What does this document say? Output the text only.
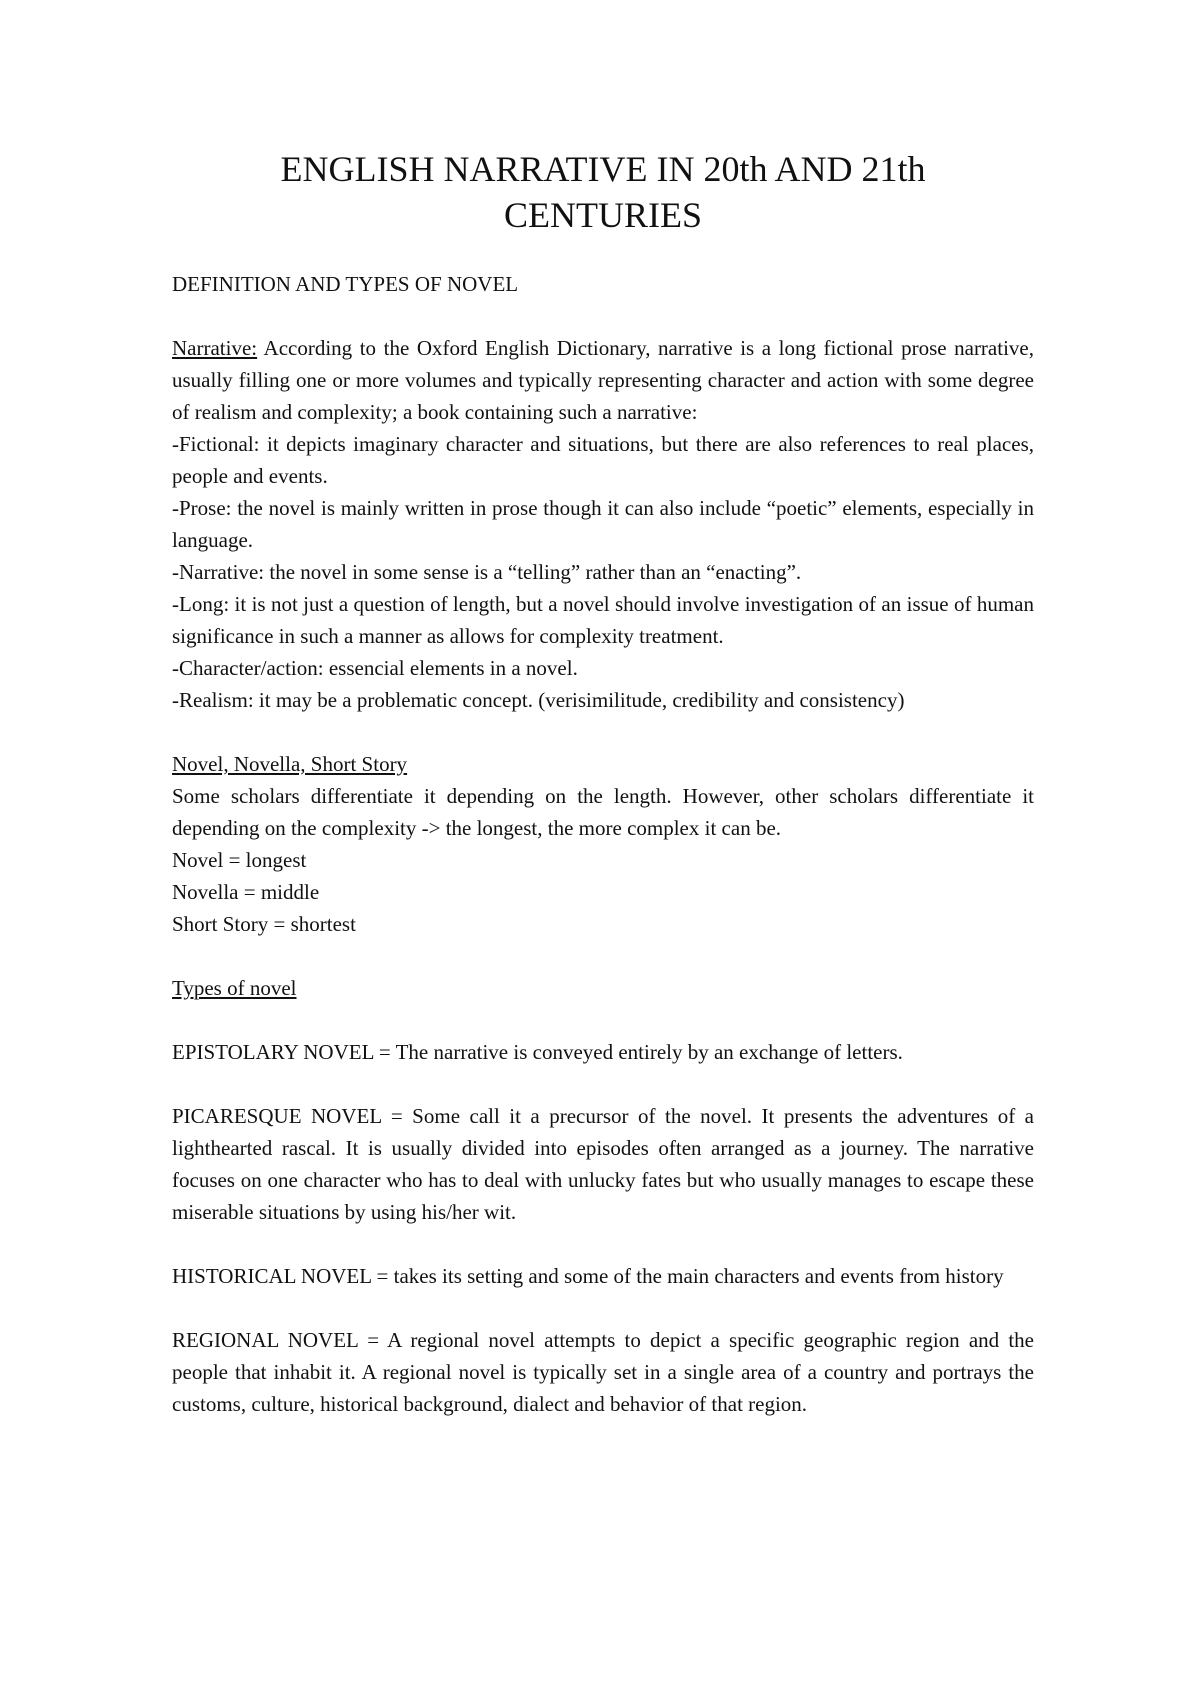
ENGLISH NARRATIVE IN 20th AND 21th
CENTURIES
DEFINITION AND TYPES OF NOVEL
Narrative: According to the Oxford English Dictionary, narrative is a long fictional prose narrative, usually filling one or more volumes and typically representing character and action with some degree of realism and complexity; a book containing such a narrative:
-Fictional: it depicts imaginary character and situations, but there are also references to real places, people and events.
-Prose: the novel is mainly written in prose though it can also include “poetic” elements, especially in language.
-Narrative: the novel in some sense is a “telling” rather than an “enacting”.
-Long: it is not just a question of length, but a novel should involve investigation of an issue of human significance in such a manner as allows for complexity treatment.
-Character/action: essencial elements in a novel.
-Realism: it may be a problematic concept. (verisimilitude, credibility and consistency)
Novel, Novella, Short Story
Some scholars differentiate it depending on the length. However, other scholars differentiate it depending on the complexity -> the longest, the more complex it can be.
Novel = longest
Novella = middle
Short Story = shortest
Types of novel
EPISTOLARY NOVEL = The narrative is conveyed entirely by an exchange of letters.
PICARESQUE NOVEL = Some call it a precursor of the novel. It presents the adventures of a lighthearted rascal. It is usually divided into episodes often arranged as a journey. The narrative focuses on one character who has to deal with unlucky fates but who usually manages to escape these miserable situations by using his/her wit.
HISTORICAL NOVEL = takes its setting and some of the main characters and events from history
REGIONAL NOVEL = A regional novel attempts to depict a specific geographic region and the people that inhabit it. A regional novel is typically set in a single area of a country and portrays the customs, culture, historical background, dialect and behavior of that region.
